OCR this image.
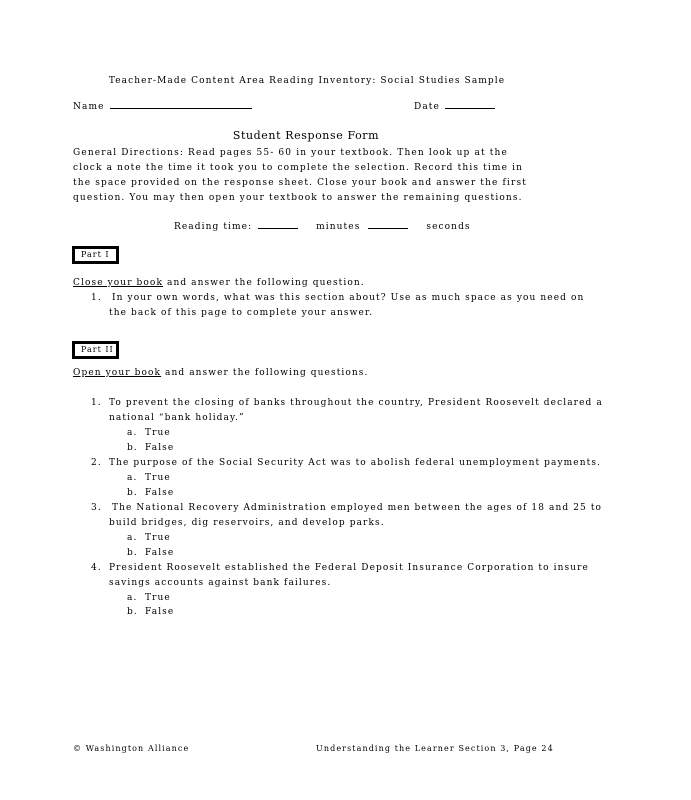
Teacher-Made Content Area Reading Inventory: Social Studies Sample
Name	Date
Student Response Form
General Directions: Read pages 55- 60 in your textbook. Then look up at the clock a note the time it took you to complete the selection. Record this time in the space provided on the response sheet. Close your book and answer the first question. You may then open your textbook to answer the remaining questions.
Reading time:	minutes	seconds
Part I
Close your book and answer the following question.
1. In your own words, what was this section about? Use as much space as you need on
the back of this page to complete your answer.
Part II
Open your book and answer the following questions.
1. To prevent the closing of banks throughout the country, President Roosevelt declared a
national “bank holiday.”
a. True
b. False
2. The purpose of the Social Security Act was to abolish federal unemployment payments.
a. True
b. False
3. The National Recovery Administration employed men between the ages of 18 and 25 to
build bridges, dig reservoirs, and develop parks.
a. True
b. False
4. President Roosevelt established the Federal Deposit Insurance Corporation to insure
savings accounts against bank failures.
a. True
b. False
© Washington Alliance	Understanding the Learner Section 3, Page 24
